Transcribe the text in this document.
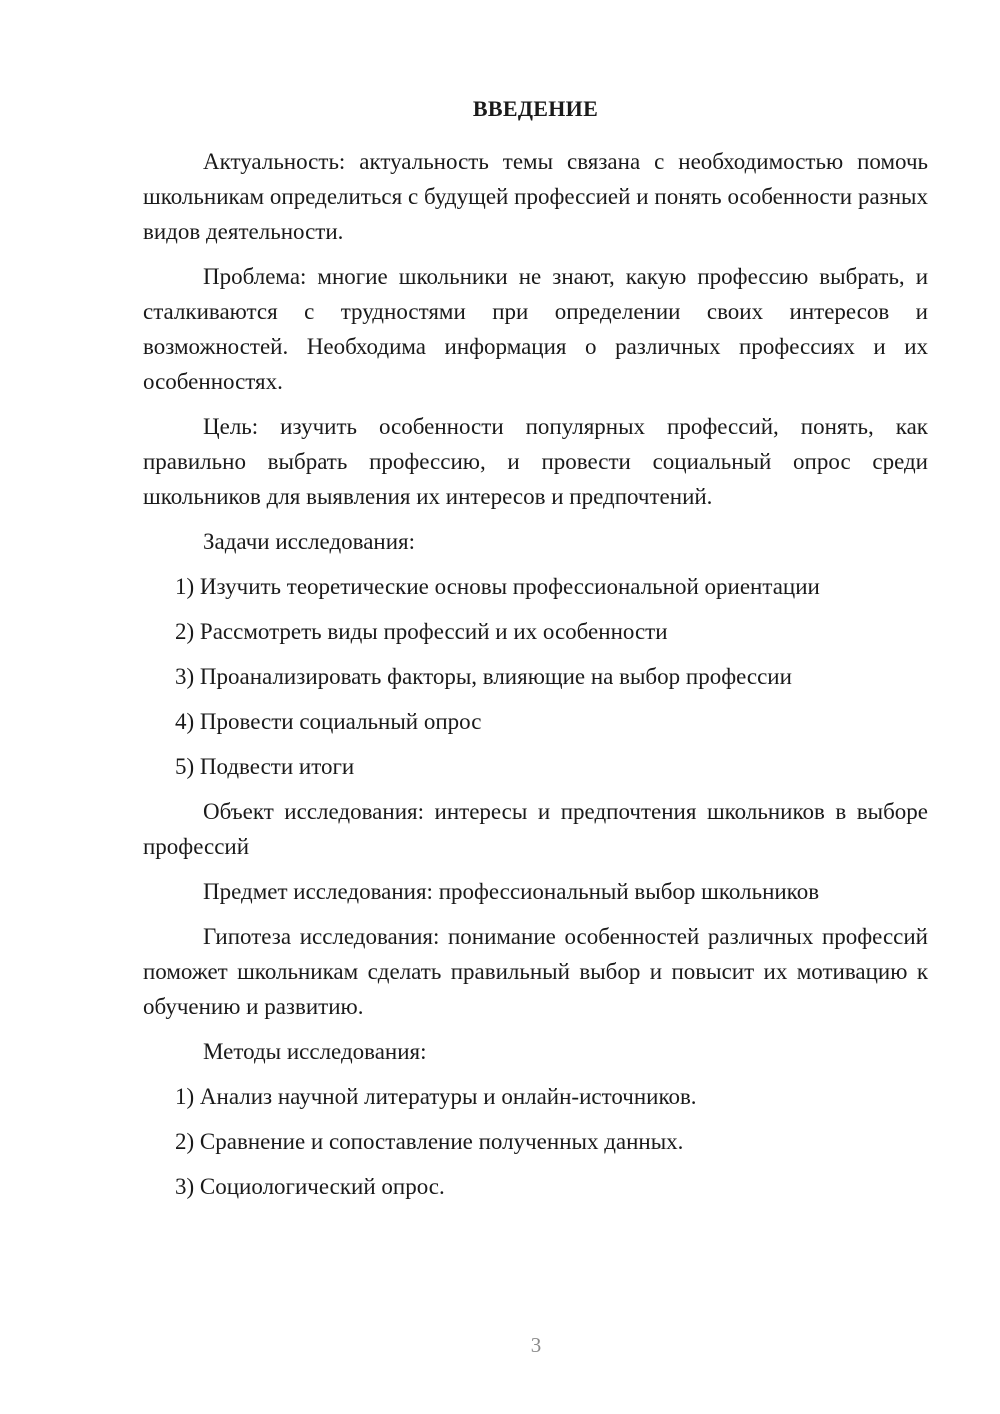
ВВЕДЕНИЕ

Актуальность: актуальность темы связана с необходимостью помочь школьникам определиться с будущей профессией и понять особенности разных видов деятельности.

Проблема: многие школьники не знают, какую профессию выбрать, и сталкиваются с трудностями при определении своих интересов и возможностей. Необходима информация о различных профессиях и их особенностях.

Цель: изучить особенности популярных профессий, понять, как правильно выбрать профессию, и провести социальный опрос среди школьников для выявления их интересов и предпочтений.

Задачи исследования:

1) Изучить теоретические основы профессиональной ориентации

2) Рассмотреть виды профессий и их особенности

3) Проанализировать факторы, влияющие на выбор профессии

4) Провести социальный опрос

5) Подвести итоги

Объект исследования: интересы и предпочтения школьников в выборе профессий

Предмет исследования: профессиональный выбор школьников

Гипотеза исследования: понимание особенностей различных профессий поможет школьникам сделать правильный выбор и повысит их мотивацию к обучению и развитию.

Методы исследования:

1) Анализ научной литературы и онлайн-источников.

2) Сравнение и сопоставление полученных данных.

3) Социологический опрос.

3
